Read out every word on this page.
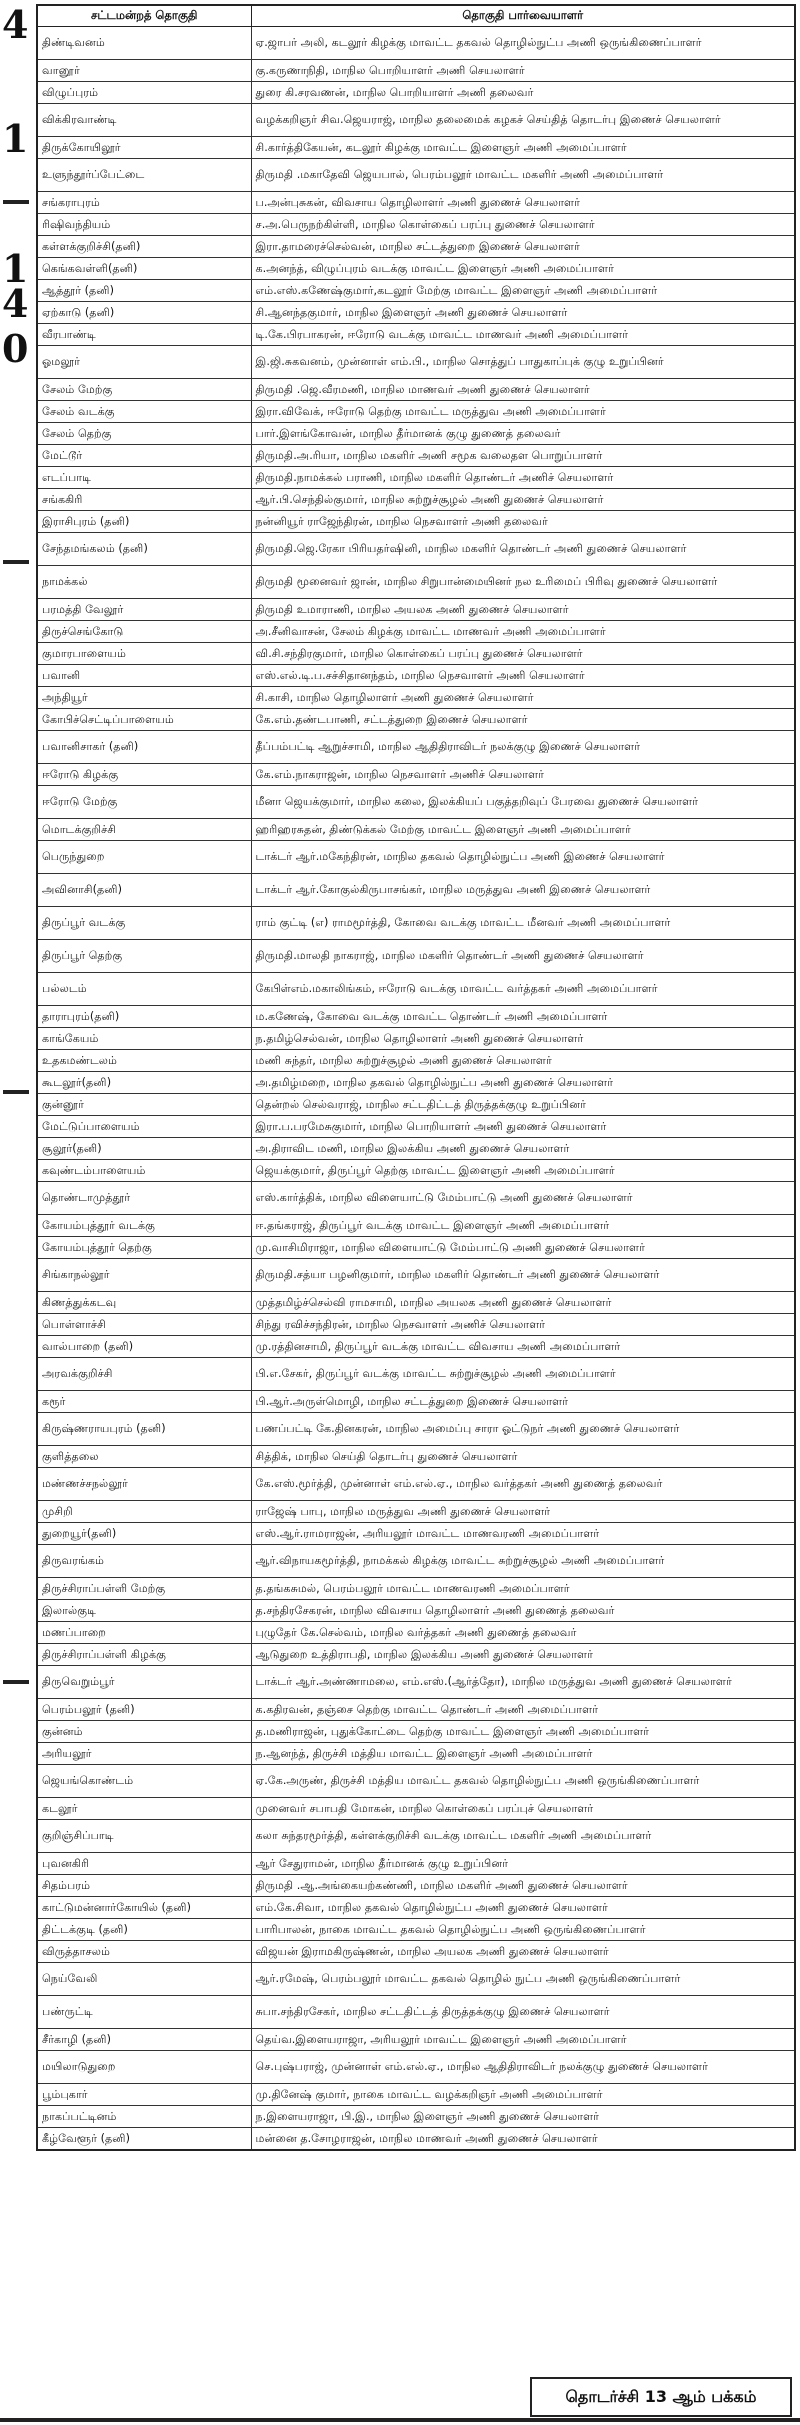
4
1
1
4
0
சட்டமன்றத் தொகுதி	தொகுதி பார்வையாளர்
திண்டிவனம்	ஏ.ஜாபர் அலி, கடலூர் கிழக்கு மாவட்ட தகவல் தொழில்நுட்ப அணி ஒருங்கிணைப்பாளர்
வானூர்	கு.கருணாநிதி, மாநில பொறியாளர் அணி செயலாளர்
விழுப்புரம்	துரை கி.சரவணன், மாநில பொறியாளர் அணி தலைவர்
விக்கிரவாண்டி	வழக்கறிஞர் சிவ.ஜெயராஜ், மாநில தலைமைக் கழகச் செய்தித் தொடர்பு இணைச் செயலாளர்
திருக்கோயிலூர்	சி.கார்த்திகேயன், கடலூர் கிழக்கு மாவட்ட இளைஞர் அணி அமைப்பாளர்
உளுந்தூர்ப்பேட்டை	திருமதி .மகாதேவி ஜெயபால், பெரம்பலூர் மாவட்ட மகளிர் அணி அமைப்பாளர்
சங்கராபுரம்	ப.அன்புசுகன், விவசாய தொழிலாளர் அணி துணைச் செயலாளர்
ரிஷிவந்தியம்	ச.அ.பெருநற்கிள்ளி, மாநில கொள்கைப் பரப்பு துணைச் செயலாளர்
கள்ளக்குறிச்சி(தனி)	இரா.தாமரைச்செல்வன், மாநில சட்டத்துறை இணைச் செயலாளர்
கெங்கவள்ளி(தனி)	க.அனந்த், விழுப்புரம் வடக்கு மாவட்ட இளைஞர் அணி அமைப்பாளர்
ஆத்தூர் (தனி)	எம்.எஸ்.கணேஷ்குமார்,கடலூர் மேற்கு மாவட்ட இளைஞர் அணி அமைப்பாளர்
ஏற்காடு (தனி)	சி.ஆனந்தகுமார், மாநில இளைஞர் அணி துணைச் செயலாளர்
வீரபாண்டி	டி.கே.பிரபாகரன், ஈரோடு வடக்கு மாவட்ட மாணவர் அணி அமைப்பாளர்
ஓமலூர்	இ.ஜி.சுகவனம், முன்னாள் எம்.பி., மாநில சொத்துப் பாதுகாப்புக் குழு உறுப்பினர்
சேலம் மேற்கு	திருமதி .ஜெ.வீரமணி, மாநில மாணவர் அணி துணைச் செயலாளர்
சேலம் வடக்கு	இரா.விவேக், ஈரோடு தெற்கு மாவட்ட மருத்துவ அணி அமைப்பாளர்
சேலம் தெற்கு	பார்.இளங்கோவன், மாநில தீர்மானக் குழு துணைத் தலைவர்
மேட்டூர்	திருமதி.அ.ரியா, மாநில மகளிர் அணி சமூக வலைதள பொறுப்பாளர்
எடப்பாடி	திருமதி.நாமக்கல் பராணி, மாநில மகளிர் தொண்டர் அணிச் செயலாளர்
சங்ககிரி	ஆர்.பி.செந்தில்குமார், மாநில சுற்றுச்சூழல் அணி துணைச் செயலாளர்
இராசிபுரம் (தனி)	நன்னியூர் ராஜேந்திரன், மாநில நெசவாளர் அணி தலைவர்
சேந்தமங்கலம் (தனி)	திருமதி.ஜெ.ரேகா பிரியதர்ஷினி, மாநில மகளிர் தொண்டர் அணி துணைச் செயலாளர்
நாமக்கல்	திருமதி மூனைவர் ஜான், மாநில சிறுபான்மையினர் நல உரிமைப் பிரிவு துணைச் செயலாளர்
பரமத்தி வேலூர்	திருமதி உமாராணி, மாநில அயலக அணி துணைச் செயலாளர்
திருச்செங்கோடு	அ.சீனிவாசன், சேலம் கிழக்கு மாவட்ட மாணவர் அணி அமைப்பாளர்
குமாரபாளையம்	வி.சி.சந்திரகுமார், மாநில கொள்கைப் பரப்பு துணைச் செயலாளர்
பவானி	எஸ்.எல்.டி.ப.சச்சிதானந்தம், மாநில நெசவாளர் அணி செயலாளர்
அந்தியூர்	சி.காசி, மாநில தொழிலாளர் அணி துணைச் செயலாளர்
கோபிச்செட்டிப்பாளையம்	கே.எம்.தண்டபாணி, சட்டத்துறை இணைச் செயலாளர்
பவானிசாகர் (தனி)	தீப்பம்பட்டி ஆறுச்சாமி, மாநில ஆதிதிராவிடர் நலக்குழு இணைச் செயலாளர்
ஈரோடு கிழக்கு	கே.எம்.நாகராஜன், மாநில நெசவாளர் அணிச் செயலாளர்
ஈரோடு மேற்கு	மீனா ஜெயக்குமார், மாநில கலை, இலக்கியப் பகுத்தறிவுப் பேரவை துணைச் செயலாளர்
மொடக்குறிச்சி	ஹரிஹரசுதன், திண்டுக்கல் மேற்கு மாவட்ட இளைஞர் அணி அமைப்பாளர்
பெருந்துறை	டாக்டர் ஆர்.மகேந்திரன், மாநில தகவல் தொழில்நுட்ப அணி இணைச் செயலாளர்
அவினாசி(தனி)	டாக்டர் ஆர்.கோகுல்கிருபாசங்கர், மாநில மருத்துவ அணி இணைச் செயலாளர்
திருப்பூர் வடக்கு	ராம் குட்டி (எ) ராமமூர்த்தி, கோவை வடக்கு மாவட்ட மீனவர் அணி அமைப்பாளர்
திருப்பூர் தெற்கு	திருமதி.மாலதி நாகராஜ், மாநில மகளிர் தொண்டர் அணி துணைச் செயலாளர்
பல்லடம்	கேபிள்எம்.மகாலிங்கம், ஈரோடு வடக்கு மாவட்ட வர்த்தகர் அணி அமைப்பாளர்
தாராபுரம்(தனி)	ம.கணேஷ், கோவை வடக்கு மாவட்ட தொண்டர் அணி அமைப்பாளர்
காங்கேயம்	ந.தமிழ்செல்வன், மாநில தொழிலாளர் அணி துணைச் செயலாளர்
உதகமண்டலம்	மணி சுந்தர், மாநில சுற்றுச்சூழல் அணி துணைச் செயலாளர்
கூடலூர்(தனி)	அ.தமிழ்மறை, மாநில தகவல் தொழில்நுட்ப அணி துணைச் செயலாளர்
குன்னூர்	தென்றல் செல்வராஜ், மாநில சட்டதிட்டத் திருத்தக்குழு உறுப்பினர்
மேட்டுப்பாளையம்	இரா.ப.பரமேசுகுமார், மாநில பொறியாளர் அணி துணைச் செயலாளர்
சூலூர்(தனி)	அ.திராவிட மணி, மாநில இலக்கிய அணி துணைச் செயலாளர்
கவுண்டம்பாளையம்	ஜெயக்குமார், திருப்பூர் தெற்கு மாவட்ட இளைஞர் அணி அமைப்பாளர்
தொண்டாமுத்தூர்	எஸ்.கார்த்திக், மாநில விளையாட்டு மேம்பாட்டு அணி துணைச் செயலாளர்
கோயம்புத்தூர் வடக்கு	ஈ.தங்கராஜ், திருப்பூர் வடக்கு மாவட்ட இளைஞர் அணி அமைப்பாளர்
கோயம்புத்தூர் தெற்கு	மு.வாசிமிராஜா, மாநில விளையாட்டு மேம்பாட்டு அணி துணைச் செயலாளர்
சிங்காநல்லூர்	திருமதி.சத்யா பழனிகுமார், மாநில மகளிர் தொண்டர் அணி துணைச் செயலாளர்
கிணத்துக்கடவு	முத்தமிழ்ச்செல்வி ராமசாமி, மாநில அயலக அணி துணைச் செயலாளர்
பொள்ளாச்சி	சிந்து ரவிச்சந்திரன், மாநில நெசவாளர் அணிச் செயலாளர்
வால்பாறை (தனி)	மு.ரத்தினசாமி, திருப்பூர் வடக்கு மாவட்ட விவசாய அணி அமைப்பாளர்
அரவக்குறிச்சி	பி.எ.சேகர், திருப்பூர் வடக்கு மாவட்ட சுற்றுச்சூழல் அணி அமைப்பாளர்
கரூர்	பி.ஆர்.அருள்மொழி, மாநில சட்டத்துறை இணைச் செயலாளர்
கிருஷ்ணராயபுரம் (தனி)	பணப்பட்டி கே.தினகரன், மாநில அமைப்பு சாரா ஓட்டுநர் அணி துணைச் செயலாளர்
குளித்தலை	சித்திக், மாநில செய்தி தொடர்பு துணைச் செயலாளர்
மண்ணச்சநல்லூர்	கே.எஸ்.மூர்த்தி, முன்னாள் எம்.எல்.ஏ., மாநில வர்த்தகர் அணி துணைத் தலைவர்
முசிறி	ராஜேஷ் பாபு, மாநில மருத்துவ அணி துணைச் செயலாளர்
துறையூர்(தனி)	எஸ்.ஆர்.ராமராஜன், அரியலூர் மாவட்ட மாணவரணி அமைப்பாளர்
திருவரங்கம்	ஆர்.விநாயகமூர்த்தி, நாமக்கல் கிழக்கு மாவட்ட சுற்றுச்சூழல் அணி அமைப்பாளர்
திருச்சிராப்பள்ளி மேற்கு	த.தங்கசுமல், பெரம்பலூர் மாவட்ட மாணவரணி அமைப்பாளர்
இலால்குடி	த.சந்திரசேகரன், மாநில விவசாய தொழிலாளர் அணி துணைத் தலைவர்
மணப்பாறை	புழுதேர் கே.செல்வம், மாநில வர்த்தகர் அணி துணைத் தலைவர்
திருச்சிராப்பள்ளி கிழக்கு	ஆடுதுறை உத்திராபதி, மாநில இலக்கிய அணி துணைச் செயலாளர்
திருவெறும்பூர்	டாக்டர் ஆர்.அண்ணாமலை, எம்.எஸ்.(ஆர்த்தோ), மாநில மருத்துவ அணி துணைச் செயலாளர்
பெரம்பலூர் (தனி)	க.கதிரவன், தஞ்சை தெற்கு மாவட்ட தொண்டர் அணி அமைப்பாளர்
குன்னம்	த.மணிராஜன், புதுக்கோட்டை தெற்கு மாவட்ட இளைஞர் அணி அமைப்பாளர்
அரியலூர்	ந.ஆனந்த், திருச்சி மத்திய மாவட்ட இளைஞர் அணி அமைப்பாளர்
ஜெயங்கொண்டம்	ஏ.கே.அருண், திருச்சி மத்திய மாவட்ட தகவல் தொழில்நுட்ப அணி ஒருங்கிணைப்பாளர்
கடலூர்	முனைவர் சபாபதி மோகன், மாநில கொள்கைப் பரப்புச் செயலாளர்
குறிஞ்சிப்பாடி	கலா சுந்தரமூர்த்தி, கள்ளக்குறிச்சி வடக்கு மாவட்ட மகளிர் அணி அமைப்பாளர்
புவனகிரி	ஆர் சேதுராமன், மாநில தீர்மானக் குழு உறுப்பினர்
சிதம்பரம்	திருமதி .ஆ.அங்கையற்கண்ணி, மாநில மகளிர் அணி துணைச் செயலாளர்
காட்டுமன்னார்கோயில் (தனி)	எம்.கே.சிவா, மாநில தகவல் தொழில்நுட்ப அணி துணைச் செயலாளர்
திட்டக்குடி (தனி)	பாரிபாலன், நாகை மாவட்ட தகவல் தொழில்நுட்ப அணி ஒருங்கிணைப்பாளர்
விருத்தாசலம்	விஜயன் இராமகிருஷ்ணன், மாநில அயலக அணி துணைச் செயலாளர்
நெய்வேலி	ஆர்.ரமேஷ், பெரம்பலூர் மாவட்ட தகவல் தொழில் நுட்ப அணி ஒருங்கிணைப்பாளர்
பண்ருட்டி	சுபா.சந்திரசேகர், மாநில சட்டதிட்டத் திருத்தக்குழு இணைச் செயலாளர்
சீர்காழி (தனி)	தெய்வ.இளையராஜா, அரியலூர் மாவட்ட இளைஞர் அணி அமைப்பாளர்
மயிலாடுதுறை	செ.புஷ்பராஜ், முன்னாள் எம்.எல்.ஏ., மாநில ஆதிதிராவிடர் நலக்குழு துணைச் செயலாளர்
பூம்புகார்	மு.தினேஷ் குமார், நாகை மாவட்ட வழக்கறிஞர் அணி அமைப்பாளர்
நாகப்பட்டினம்	ந.இளையராஜா, பி.இ., மாநில இளைஞர் அணி துணைச் செயலாளர்
கீழ்வேளூர் (தனி)	மன்னை த.சோழராஜன், மாநில மாணவர் அணி துணைச் செயலாளர்
தொடர்ச்சி 13 ஆம் பக்கம்
